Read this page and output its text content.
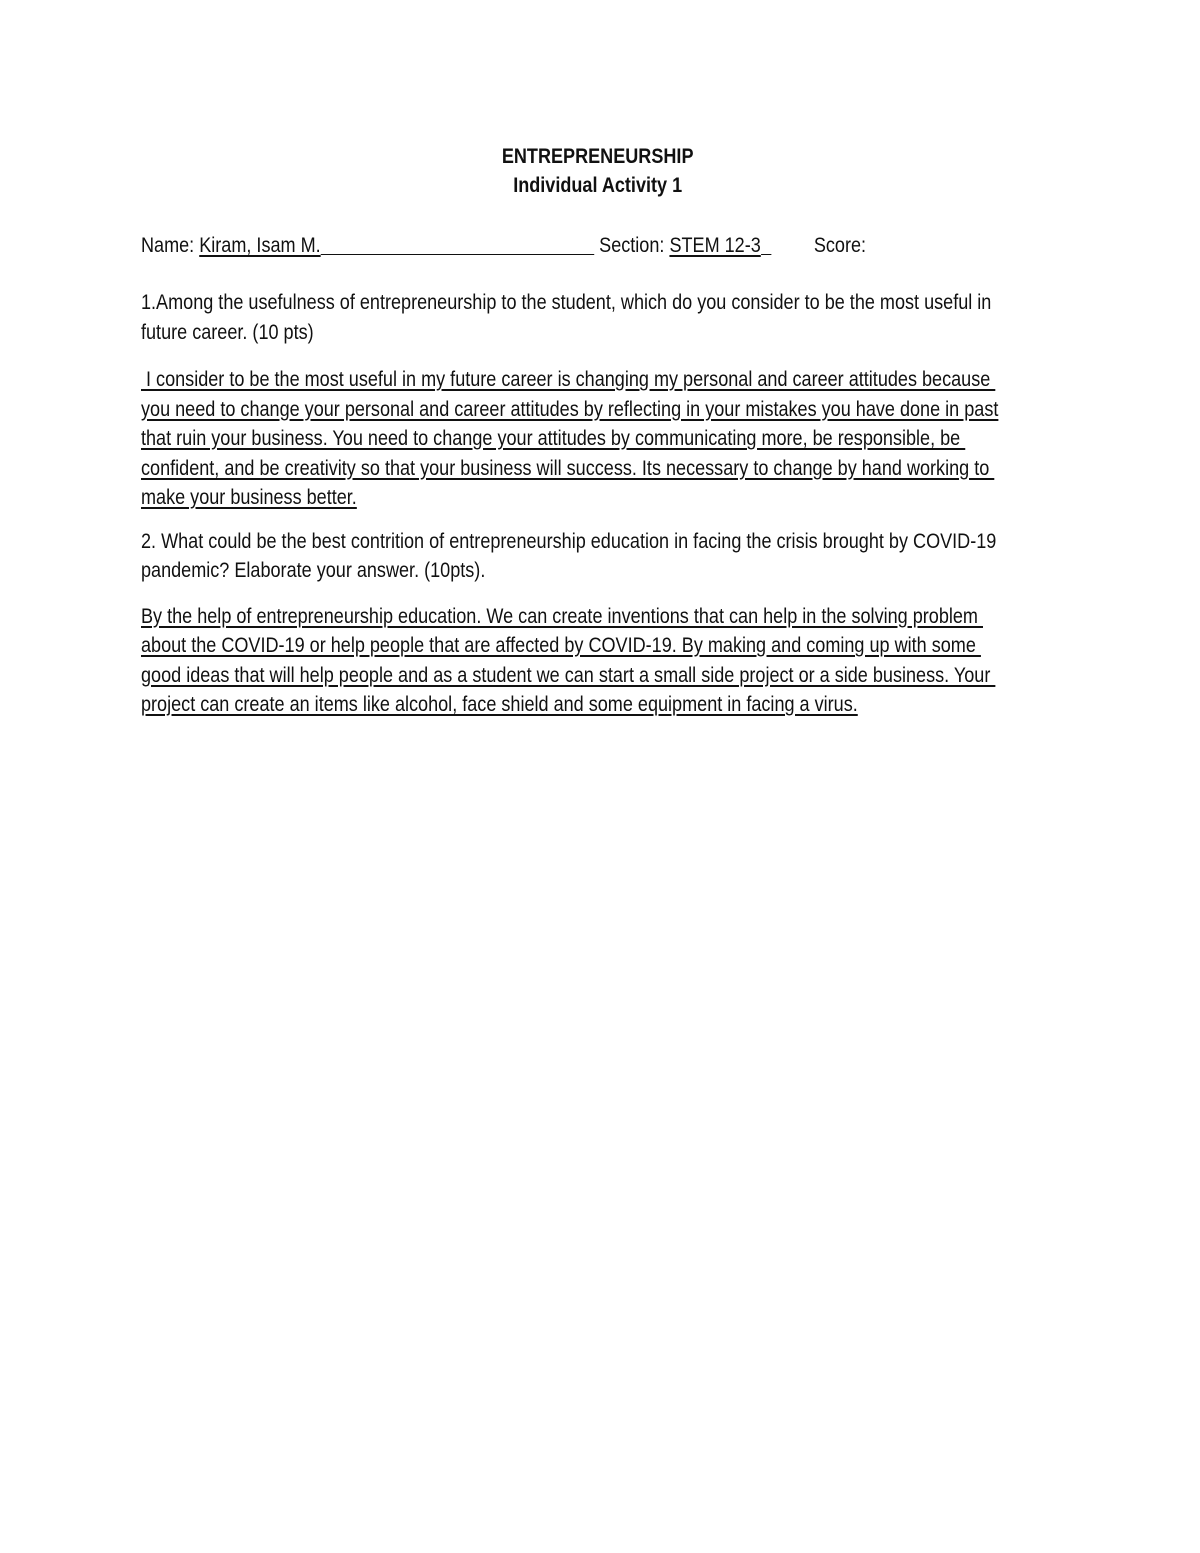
ENTREPRENEURSHIP
Individual Activity 1
Name: Kiram, Isam M.	Section: STEM 12-3	Score:
1.Among the usefulness of entrepreneurship to the student, which do you consider to be the most useful in
future career. (10 pts)
I consider to be the most useful in my future career is changing my personal and career attitudes because
you need to change your personal and career attitudes by reflecting in your mistakes you have done in past
that ruin your business. You need to change your attitudes by communicating more, be responsible, be
confident, and be creativity so that your business will success. Its necessary to change by hand working to
make your business better.
2. What could be the best contrition of entrepreneurship education in facing the crisis brought by COVID-19
pandemic? Elaborate your answer. (10pts).
By the help of entrepreneurship education. We can create inventions that can help in the solving problem
about the COVID-19 or help people that are affected by COVID-19. By making and coming up with some
good ideas that will help people and as a student we can start a small side project or a side business. Your
project can create an items like alcohol, face shield and some equipment in facing a virus.
